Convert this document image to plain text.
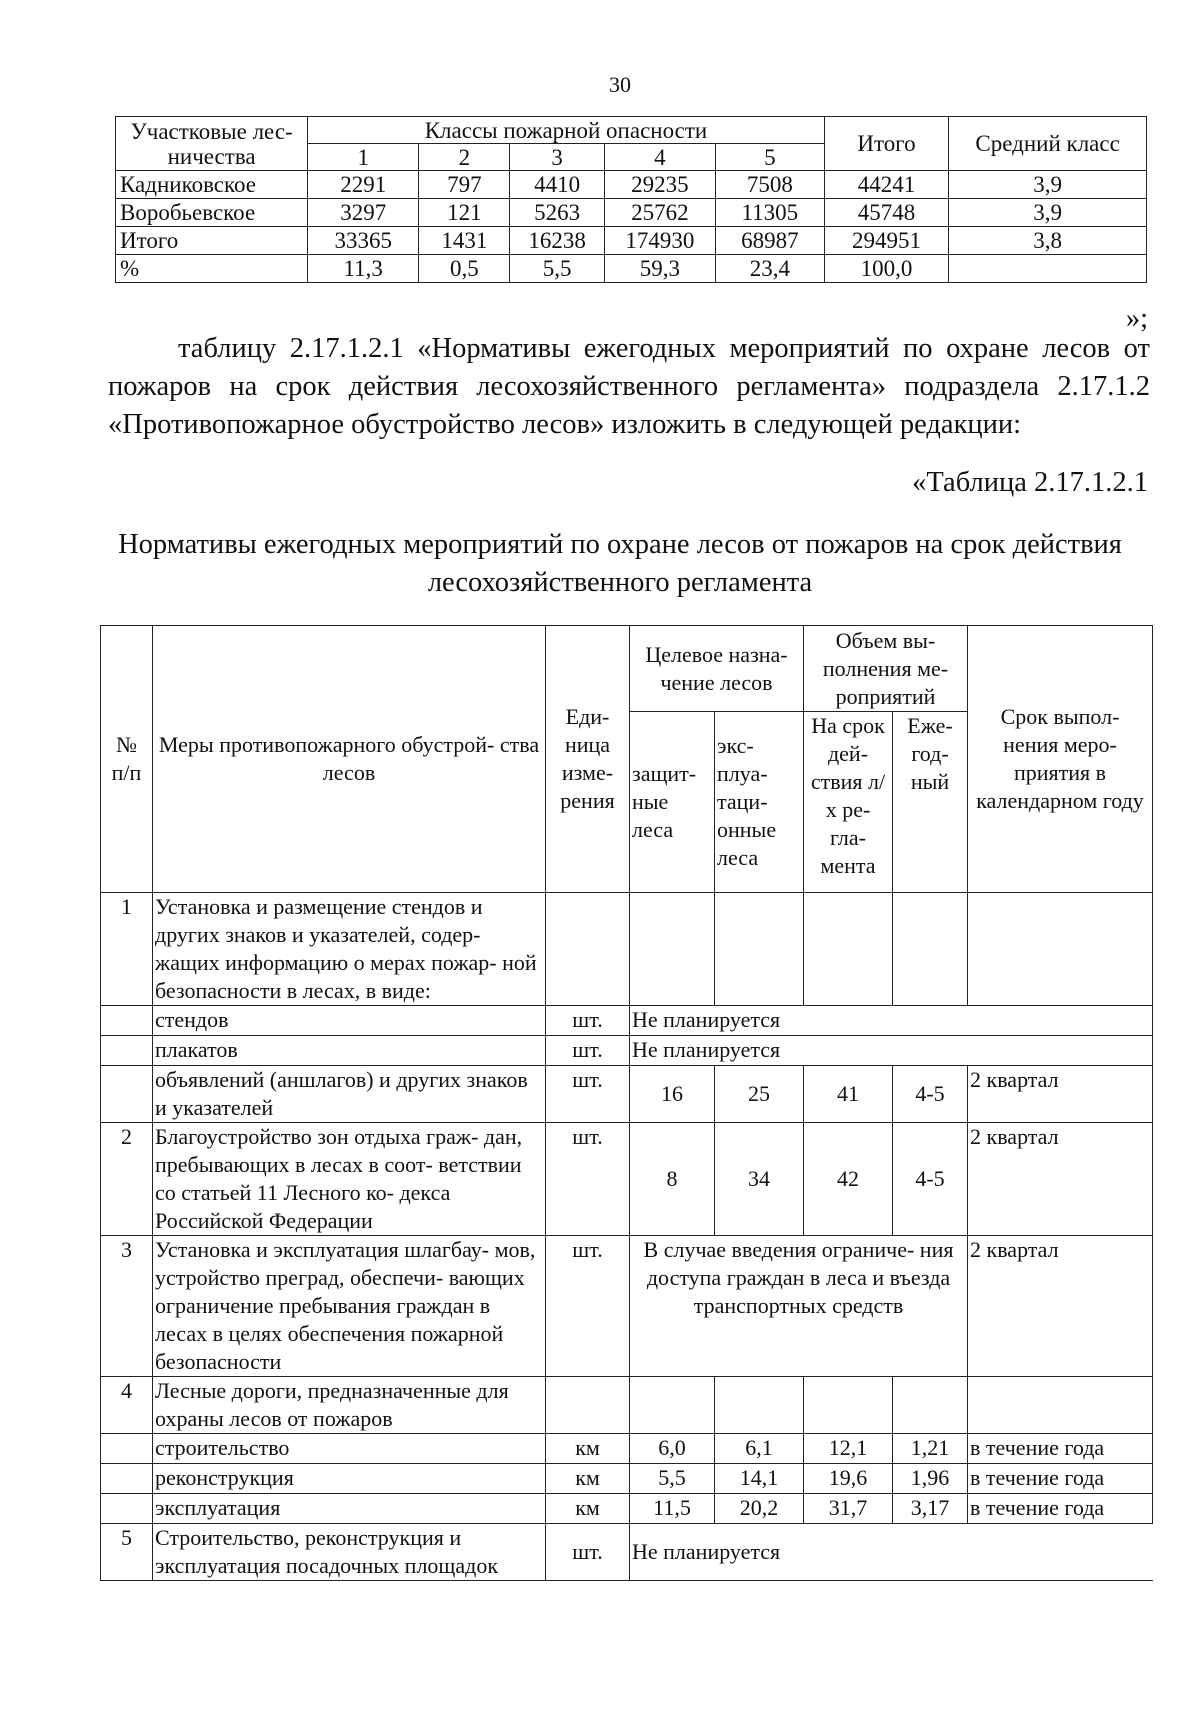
30
Участковые лес- ничества	Классы пожарной опасности					Итого	Средний класс
	1	2	3	4	5		
Кадниковское	2291	797	4410	29235	7508	44241	3,9
Воробьевское	3297	121	5263	25762	11305	45748	3,9
Итого	33365	1431	16238	174930	68987	294951	3,8
%	11,3	0,5	5,5	59,3	23,4	100,0	
»;

таблицу 2.17.1.2.1 «Нормативы ежегодных мероприятий по охране лесов от пожаров на срок действия лесохозяйственного регламента» подраздела 2.17.1.2 «Противопожарное обустройство лесов» изложить в следующей редакции:

«Таблица 2.17.1.2.1
Нормативы ежегодных мероприятий по охране лесов от пожаров на срок действия
лесохозяйственного регламента
№ п/п	Меры противопожарного обустрой- ства лесов	Еди- ница изме- рения	Целевое назна- чение лесов		Объем вы- полнения ме- роприятий		Срок выпол- нения меро- приятия в календарном году
			защит- ные леса	экс- плуа- таци- онные леса	На срок дей- ствия л/х ре- гла- мента	Еже- год- ный	
1	Установка и размещение стендов и других знаков и указателей, содер- жащих информацию о мерах пожар- ной безопасности в лесах, в виде:						
	стендов	шт.	Не планируется				
	плакатов	шт.	Не планируется				
	объявлений (аншлагов) и других знаков и указателей	шт.	16	25	41	4-5	2 квартал
2	Благоустройство зон отдыха граж- дан, пребывающих в лесах в соот- ветствии со статьей 11 Лесного ко- декса Российской Федерации	шт.	8	34	42	4-5	2 квартал
3	Установка и эксплуатация шлагбау- мов, устройство преград, обеспечи- вающих ограничение пребывания граждан в лесах в целях обеспечения пожарной безопасности	шт.	В случае введения ограниче- ния доступа граждан в леса и въезда транспортных средств				2 квартал
4	Лесные дороги, предназначенные для охраны лесов от пожаров						
	строительство	км	6,0	6,1	12,1	1,21	в течение года
	реконструкция	км	5,5	14,1	19,6	1,96	в течение года
	эксплуатация	км	11,5	20,2	31,7	3,17	в течение года
5	Строительство, реконструкция и эксплуатация посадочных площадок	шт.	Не планируется				
